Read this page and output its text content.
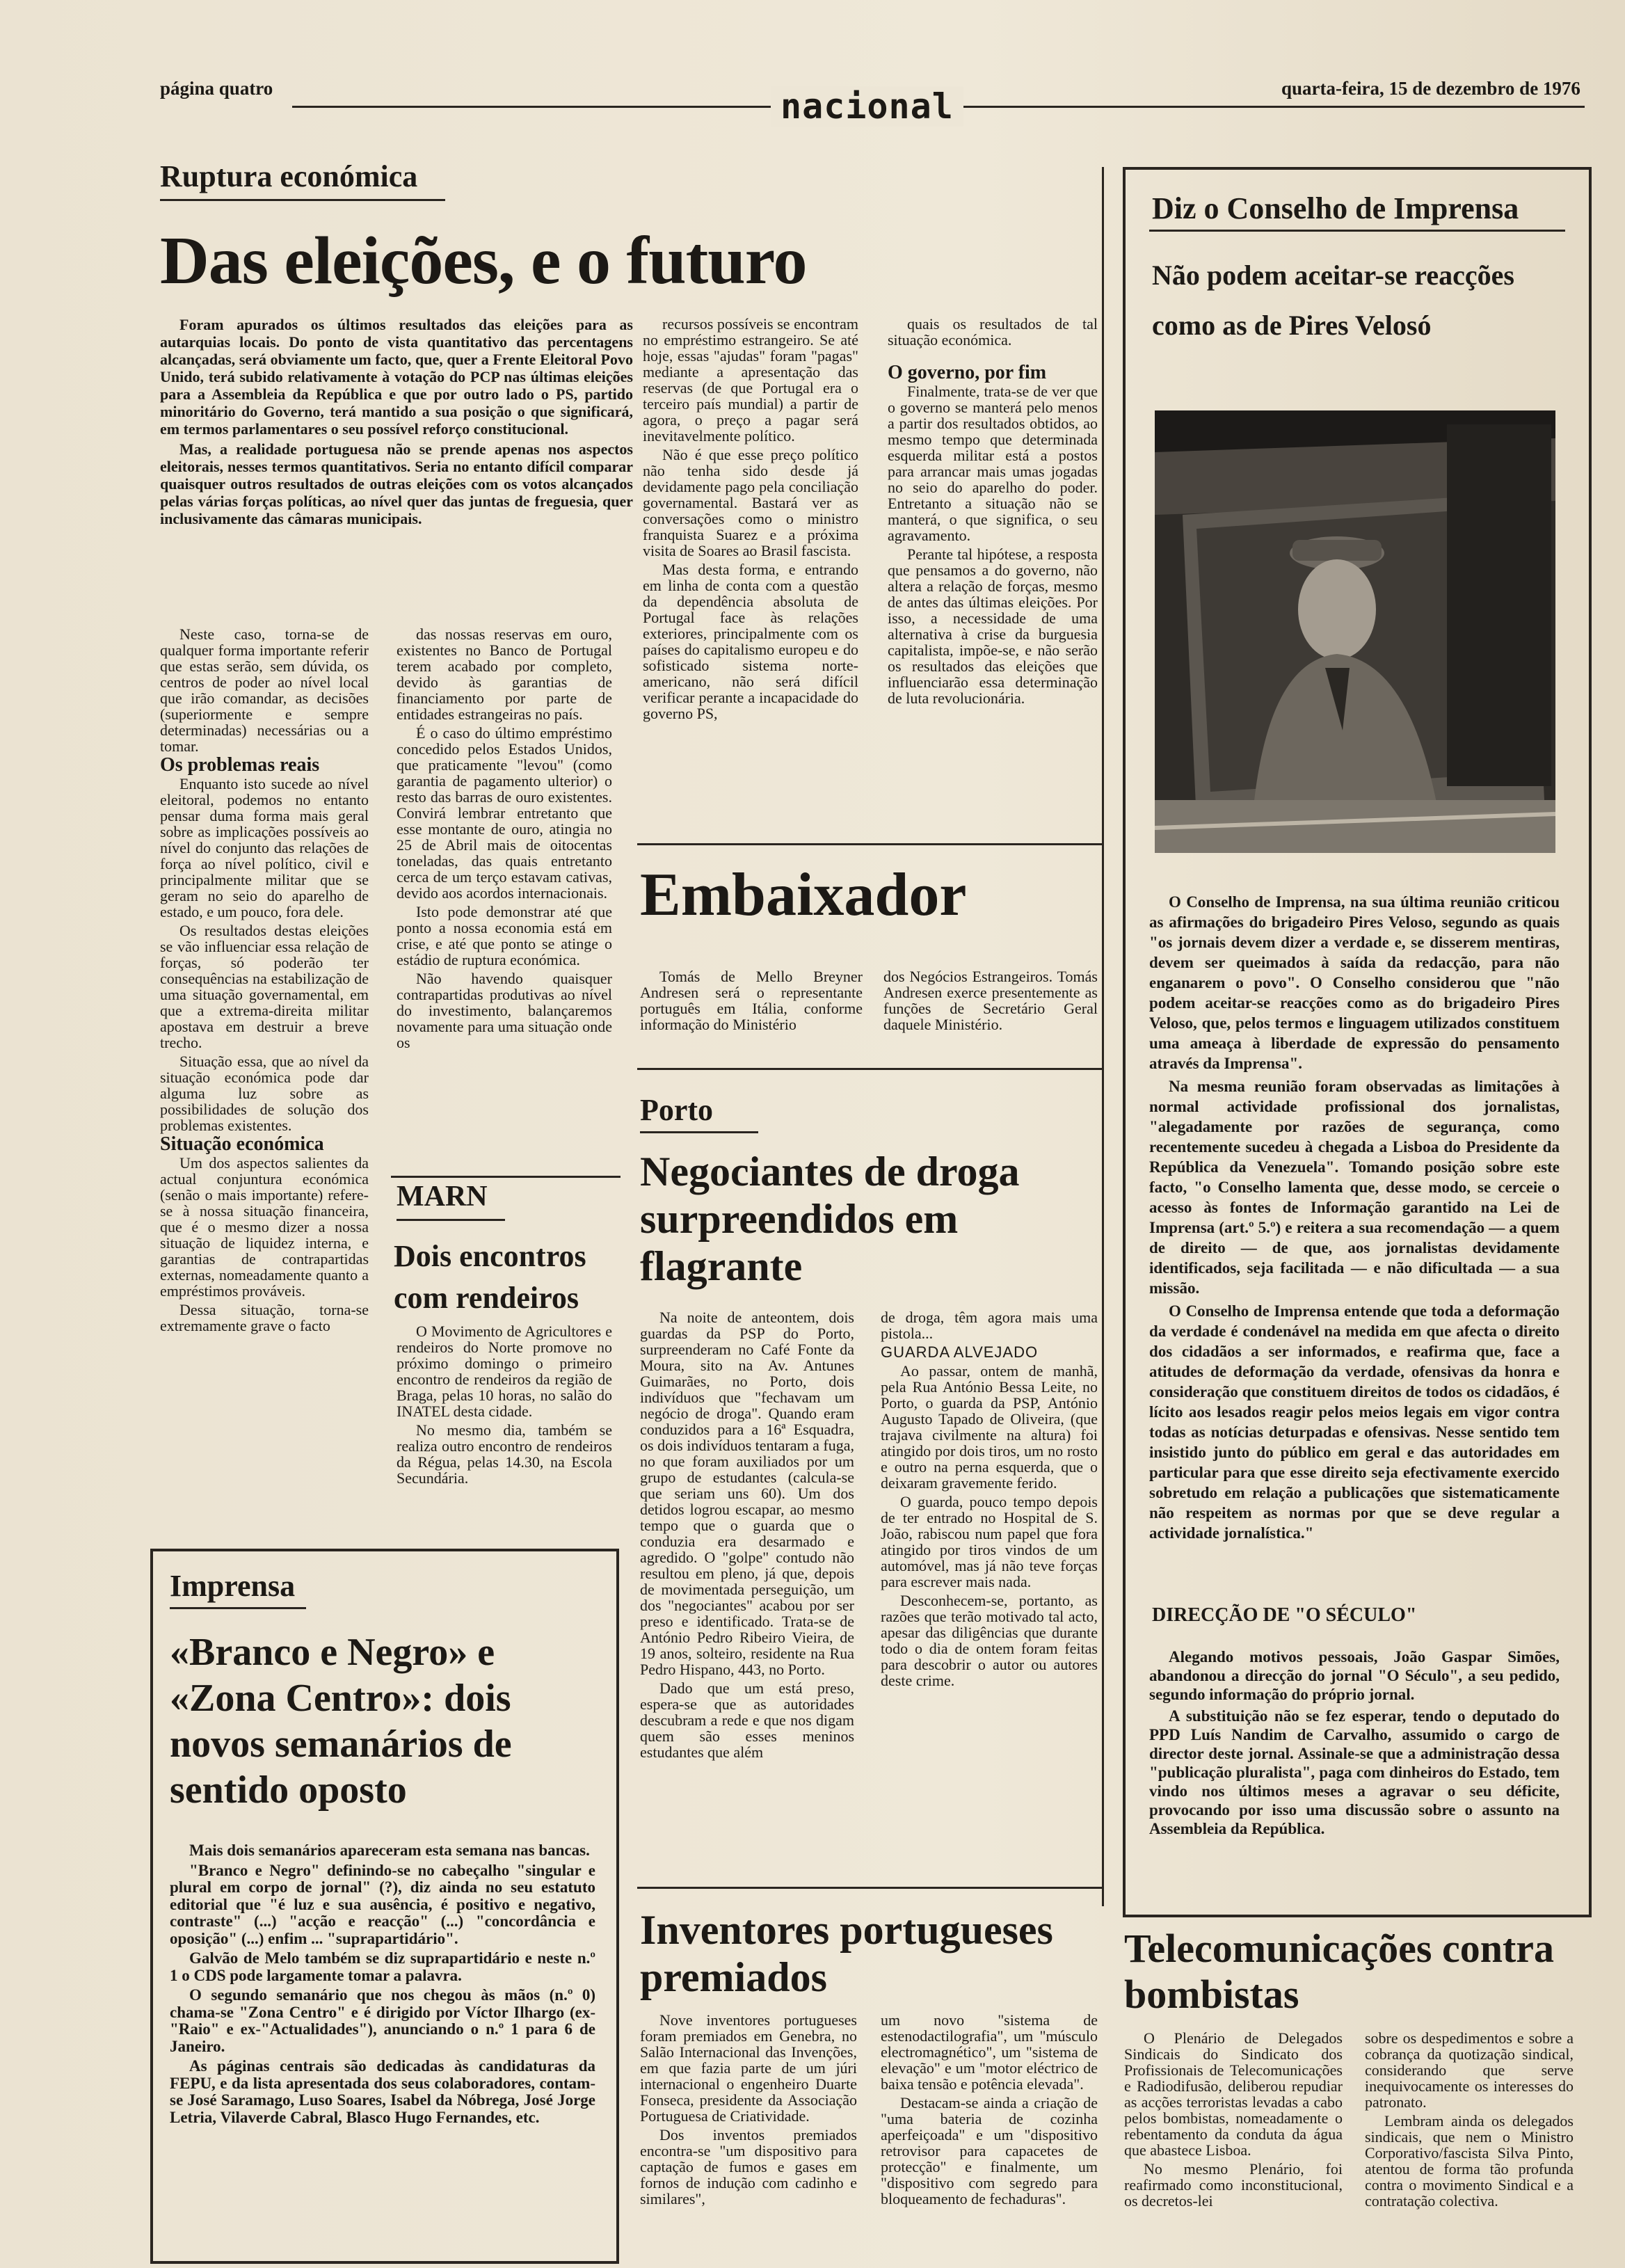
página quatro	nacional	quarta-feira, 15 de dezembro de 1976
Ruptura económica
Das eleições, e o futuro

Foram apurados os últimos resultados das eleições para as autarquias locais. Do ponto de vista quantitativo das percentagens alcançadas, será obviamente um facto, que, quer a Frente Eleitoral Povo Unido, terá subido relativamente à votação do PCP nas últimas eleições para a Assembleia da República e que por outro lado o PS, partido minoritário do Governo, terá mantido a sua posição o que significará, em termos parlamentares o seu possível reforço constitucional.

Mas, a realidade portuguesa não se prende apenas nos aspectos eleitorais, nesses termos quantitativos. Seria no entanto difícil comparar quaisquer outros resultados de outras eleições com os votos alcançados pelas várias forças políticas, ao nível quer das juntas de freguesia, quer inclusivamente das câmaras municipais.

Neste caso, torna-se de qualquer forma importante referir que estas serão, sem dúvida, os centros de poder ao nível local que irão comandar, as decisões (superiormente e sempre determinadas) necessárias ou a tomar.

Os problemas reais

Enquanto isto sucede ao nível eleitoral, podemos no entanto pensar duma forma mais geral sobre as implicações possíveis ao nível do conjunto das relações de força ao nível político, civil e principalmente militar que se geram no seio do aparelho de estado, e um pouco, fora dele.

Os resultados destas eleições se vão influenciar essa relação de forças, só poderão ter consequências na estabilização de uma situação governamental, em que a extrema-direita militar apostava em destruir a breve trecho.

Situação essa, que ao nível da situação económica pode dar alguma luz sobre as possibilidades de solução dos problemas existentes.

Situação económica

Um dos aspectos salientes da actual conjuntura económica (senão o mais importante) refere-se à nossa situação financeira, que é o mesmo dizer a nossa situação de liquidez interna, e garantias de contrapartidas externas, nomeadamente quanto a empréstimos prováveis.

Dessa situação, torna-se extremamente grave o facto

das nossas reservas em ouro, existentes no Banco de Portugal terem acabado por completo, devido às garantias de financiamento por parte de entidades estrangeiras no país.

É o caso do último empréstimo concedido pelos Estados Unidos, que praticamente "levou" (como garantia de pagamento ulterior) o resto das barras de ouro existentes. Convirá lembrar entretanto que esse montante de ouro, atingia no 25 de Abril mais de oitocentas toneladas, das quais entretanto cerca de um terço estavam cativas, devido aos acordos internacionais.

Isto pode demonstrar até que ponto a nossa economia está em crise, e até que ponto se atinge o estádio de ruptura económica.

Não havendo quaisquer contrapartidas produtivas ao nível do investimento, balançaremos novamente para uma situação onde os

recursos possíveis se encontram no empréstimo estrangeiro. Se até hoje, essas "ajudas" foram "pagas" mediante a apresentação das reservas (de que Portugal era o terceiro país mundial) a partir de agora, o preço a pagar será inevitavelmente político.

Não é que esse preço político não tenha sido desde já devidamente pago pela conciliação governamental. Bastará ver as conversações como o ministro franquista Suarez e a próxima visita de Soares ao Brasil fascista.

Mas desta forma, e entrando em linha de conta com a questão da dependência absoluta de Portugal face às relações exteriores, principalmente com os países do capitalismo europeu e do sofisticado sistema norte-americano, não será difícil verificar perante a incapacidade do governo PS,

quais os resultados de tal situação económica.

O governo, por fim

Finalmente, trata-se de ver que o governo se manterá pelo menos a partir dos resultados obtidos, ao mesmo tempo que determinada esquerda militar está a postos para arrancar mais umas jogadas no seio do aparelho do poder. Entretanto a situação não se manterá, o que significa, o seu agravamento.

Perante tal hipótese, a resposta que pensamos a do governo, não altera a relação de forças, mesmo de antes das últimas eleições. Por isso, a necessidade de uma alternativa à crise da burguesia capitalista, impõe-se, e não serão os resultados das eleições que influenciarão essa determinação de luta revolucionária.

MARN
Dois encontros com rendeiros

O Movimento de Agricultores e rendeiros do Norte promove no próximo domingo o primeiro encontro de rendeiros da região de Braga, pelas 10 horas, no salão do INATEL desta cidade.

No mesmo dia, também se realiza outro encontro de rendeiros da Régua, pelas 14.30, na Escola Secundária.

Embaixador

Tomás de Mello Breyner Andresen será o representante português em Itália, conforme informação do Ministério

dos Negócios Estrangeiros. Tomás Andresen exerce presentemente as funções de Secretário Geral daquele Ministério.

Porto
Negociantes de droga surpreendidos em flagrante

Na noite de anteontem, dois guardas da PSP do Porto, surpreenderam no Café Fonte da Moura, sito na Av. Antunes Guimarães, no Porto, dois indivíduos que "fechavam um negócio de droga". Quando eram conduzidos para a 16ª Esquadra, os dois indivíduos tentaram a fuga, no que foram auxiliados por um grupo de estudantes (calcula-se que seriam uns 60). Um dos detidos logrou escapar, ao mesmo tempo que o guarda que o conduzia era desarmado e agredido. O "golpe" contudo não resultou em pleno, já que, depois de movimentada perseguição, um dos "negociantes" acabou por ser preso e identificado. Trata-se de António Pedro Ribeiro Vieira, de 19 anos, solteiro, residente na Rua Pedro Hispano, 443, no Porto.

Dado que um está preso, espera-se que as autoridades descubram a rede e que nos digam quem são esses meninos estudantes que além

de droga, têm agora mais uma pistola...

GUARDA ALVEJADO

Ao passar, ontem de manhã, pela Rua António Bessa Leite, no Porto, o guarda da PSP, António Augusto Tapado de Oliveira, (que trajava civilmente na altura) foi atingido por dois tiros, um no rosto e outro na perna esquerda, que o deixaram gravemente ferido.

O guarda, pouco tempo depois de ter entrado no Hospital de S. João, rabiscou num papel que fora atingido por tiros vindos de um automóvel, mas já não teve forças para escrever mais nada.

Desconhecem-se, portanto, as razões que terão motivado tal acto, apesar das diligências que durante todo o dia de ontem foram feitas para descobrir o autor ou autores deste crime.

Imprensa
«Branco e Negro» e «Zona Centro»: dois novos semanários de sentido oposto

Mais dois semanários apareceram esta semana nas bancas.

"Branco e Negro" definindo-se no cabeçalho "singular e plural em corpo de jornal" (?), diz ainda no seu estatuto editorial que "é luz e sua ausência, é positivo e negativo, contraste" (...) "acção e reacção" (...) "concordância e oposição" (...) enfim ... "suprapartidário".

Galvão de Melo também se diz suprapartidário e neste n.º 1 o CDS pode largamente tomar a palavra.

O segundo semanário que nos chegou às mãos (n.º 0) chama-se "Zona Centro" e é dirigido por Víctor Ilhargo (ex-"Raio" e ex-"Actualidades"), anunciando o n.º 1 para 6 de Janeiro.

As páginas centrais são dedicadas às candidaturas da FEPU, e da lista apresentada dos seus colaboradores, contam-se José Saramago, Luso Soares, Isabel da Nóbrega, José Jorge Letria, Vilaverde Cabral, Blasco Hugo Fernandes, etc.

Inventores portugueses premiados

Nove inventores portugueses foram premiados em Genebra, no Salão Internacional das Invenções, em que fazia parte de um júri internacional o engenheiro Duarte Fonseca, presidente da Associação Portuguesa de Criatividade.

Dos inventos premiados encontra-se "um dispositivo para captação de fumos e gases em fornos de indução com cadinho e similares",

um novo "sistema de estenodactilografia", um "músculo electromagnético", um "sistema de elevação" e um "motor eléctrico de baixa tensão e potência elevada".

Destacam-se ainda a criação de "uma bateria de cozinha aperfeiçoada" e um "dispositivo retrovisor para capacetes de protecção" e finalmente, um "dispositivo com segredo para bloqueamento de fechaduras".

Diz o Conselho de Imprensa
Não podem aceitar-se reacções como as de Pires Velosó

O Conselho de Imprensa, na sua última reunião criticou as afirmações do brigadeiro Pires Veloso, segundo as quais "os jornais devem dizer a verdade e, se disserem mentiras, devem ser queimados à saída da redacção, para não enganarem o povo". O Conselho considerou que "não podem aceitar-se reacções como as do brigadeiro Pires Veloso, que, pelos termos e linguagem utilizados constituem uma ameaça à liberdade de expressão do pensamento através da Imprensa".

Na mesma reunião foram observadas as limitações à normal actividade profissional dos jornalistas, "alegadamente por razões de segurança, como recentemente sucedeu à chegada a Lisboa do Presidente da República da Venezuela". Tomando posição sobre este facto, "o Conselho lamenta que, desse modo, se cerceie o acesso às fontes de Informação garantido na Lei de Imprensa (art.º 5.º) e reitera a sua recomendação — a quem de direito — de que, aos jornalistas devidamente identificados, seja facilitada — e não dificultada — a sua missão.

O Conselho de Imprensa entende que toda a deformação da verdade é condenável na medida em que afecta o direito dos cidadãos a ser informados, e reafirma que, face a atitudes de deformação da verdade, ofensivas da honra e consideração que constituem direitos de todos os cidadãos, é lícito aos lesados reagir pelos meios legais em vigor contra todas as notícias deturpadas e ofensivas. Nesse sentido tem insistido junto do público em geral e das autoridades em particular para que esse direito seja efectivamente exercido sobretudo em relação a publicações que sistematicamente não respeitem as normas por que se deve regular a actividade jornalística."

DIRECÇÃO DE "O SÉCULO"

Alegando motivos pessoais, João Gaspar Simões, abandonou a direcção do jornal "O Século", a seu pedido, segundo informação do próprio jornal.

A substituição não se fez esperar, tendo o deputado do PPD Luís Nandim de Carvalho, assumido o cargo de director deste jornal. Assinale-se que a administração dessa "publicação pluralista", paga com dinheiros do Estado, tem vindo nos últimos meses a agravar o seu déficite, provocando por isso uma discussão sobre o assunto na Assembleia da República.

Telecomunicações contra bombistas

O Plenário de Delegados Sindicais do Sindicato dos Profissionais de Telecomunicações e Radiodifusão, deliberou repudiar as acções terroristas levadas a cabo pelos bombistas, nomeadamente o rebentamento da conduta da água que abastece Lisboa.

No mesmo Plenário, foi reafirmado como inconstitucional, os decretos-lei

sobre os despedimentos e sobre a cobrança da quotização sindical, considerando que serve inequivocamente os interesses do patronato.

Lembram ainda os delegados sindicais, que nem o Ministro Corporativo/fascista Silva Pinto, atentou de forma tão profunda contra o movimento Sindical e a contratação colectiva.
